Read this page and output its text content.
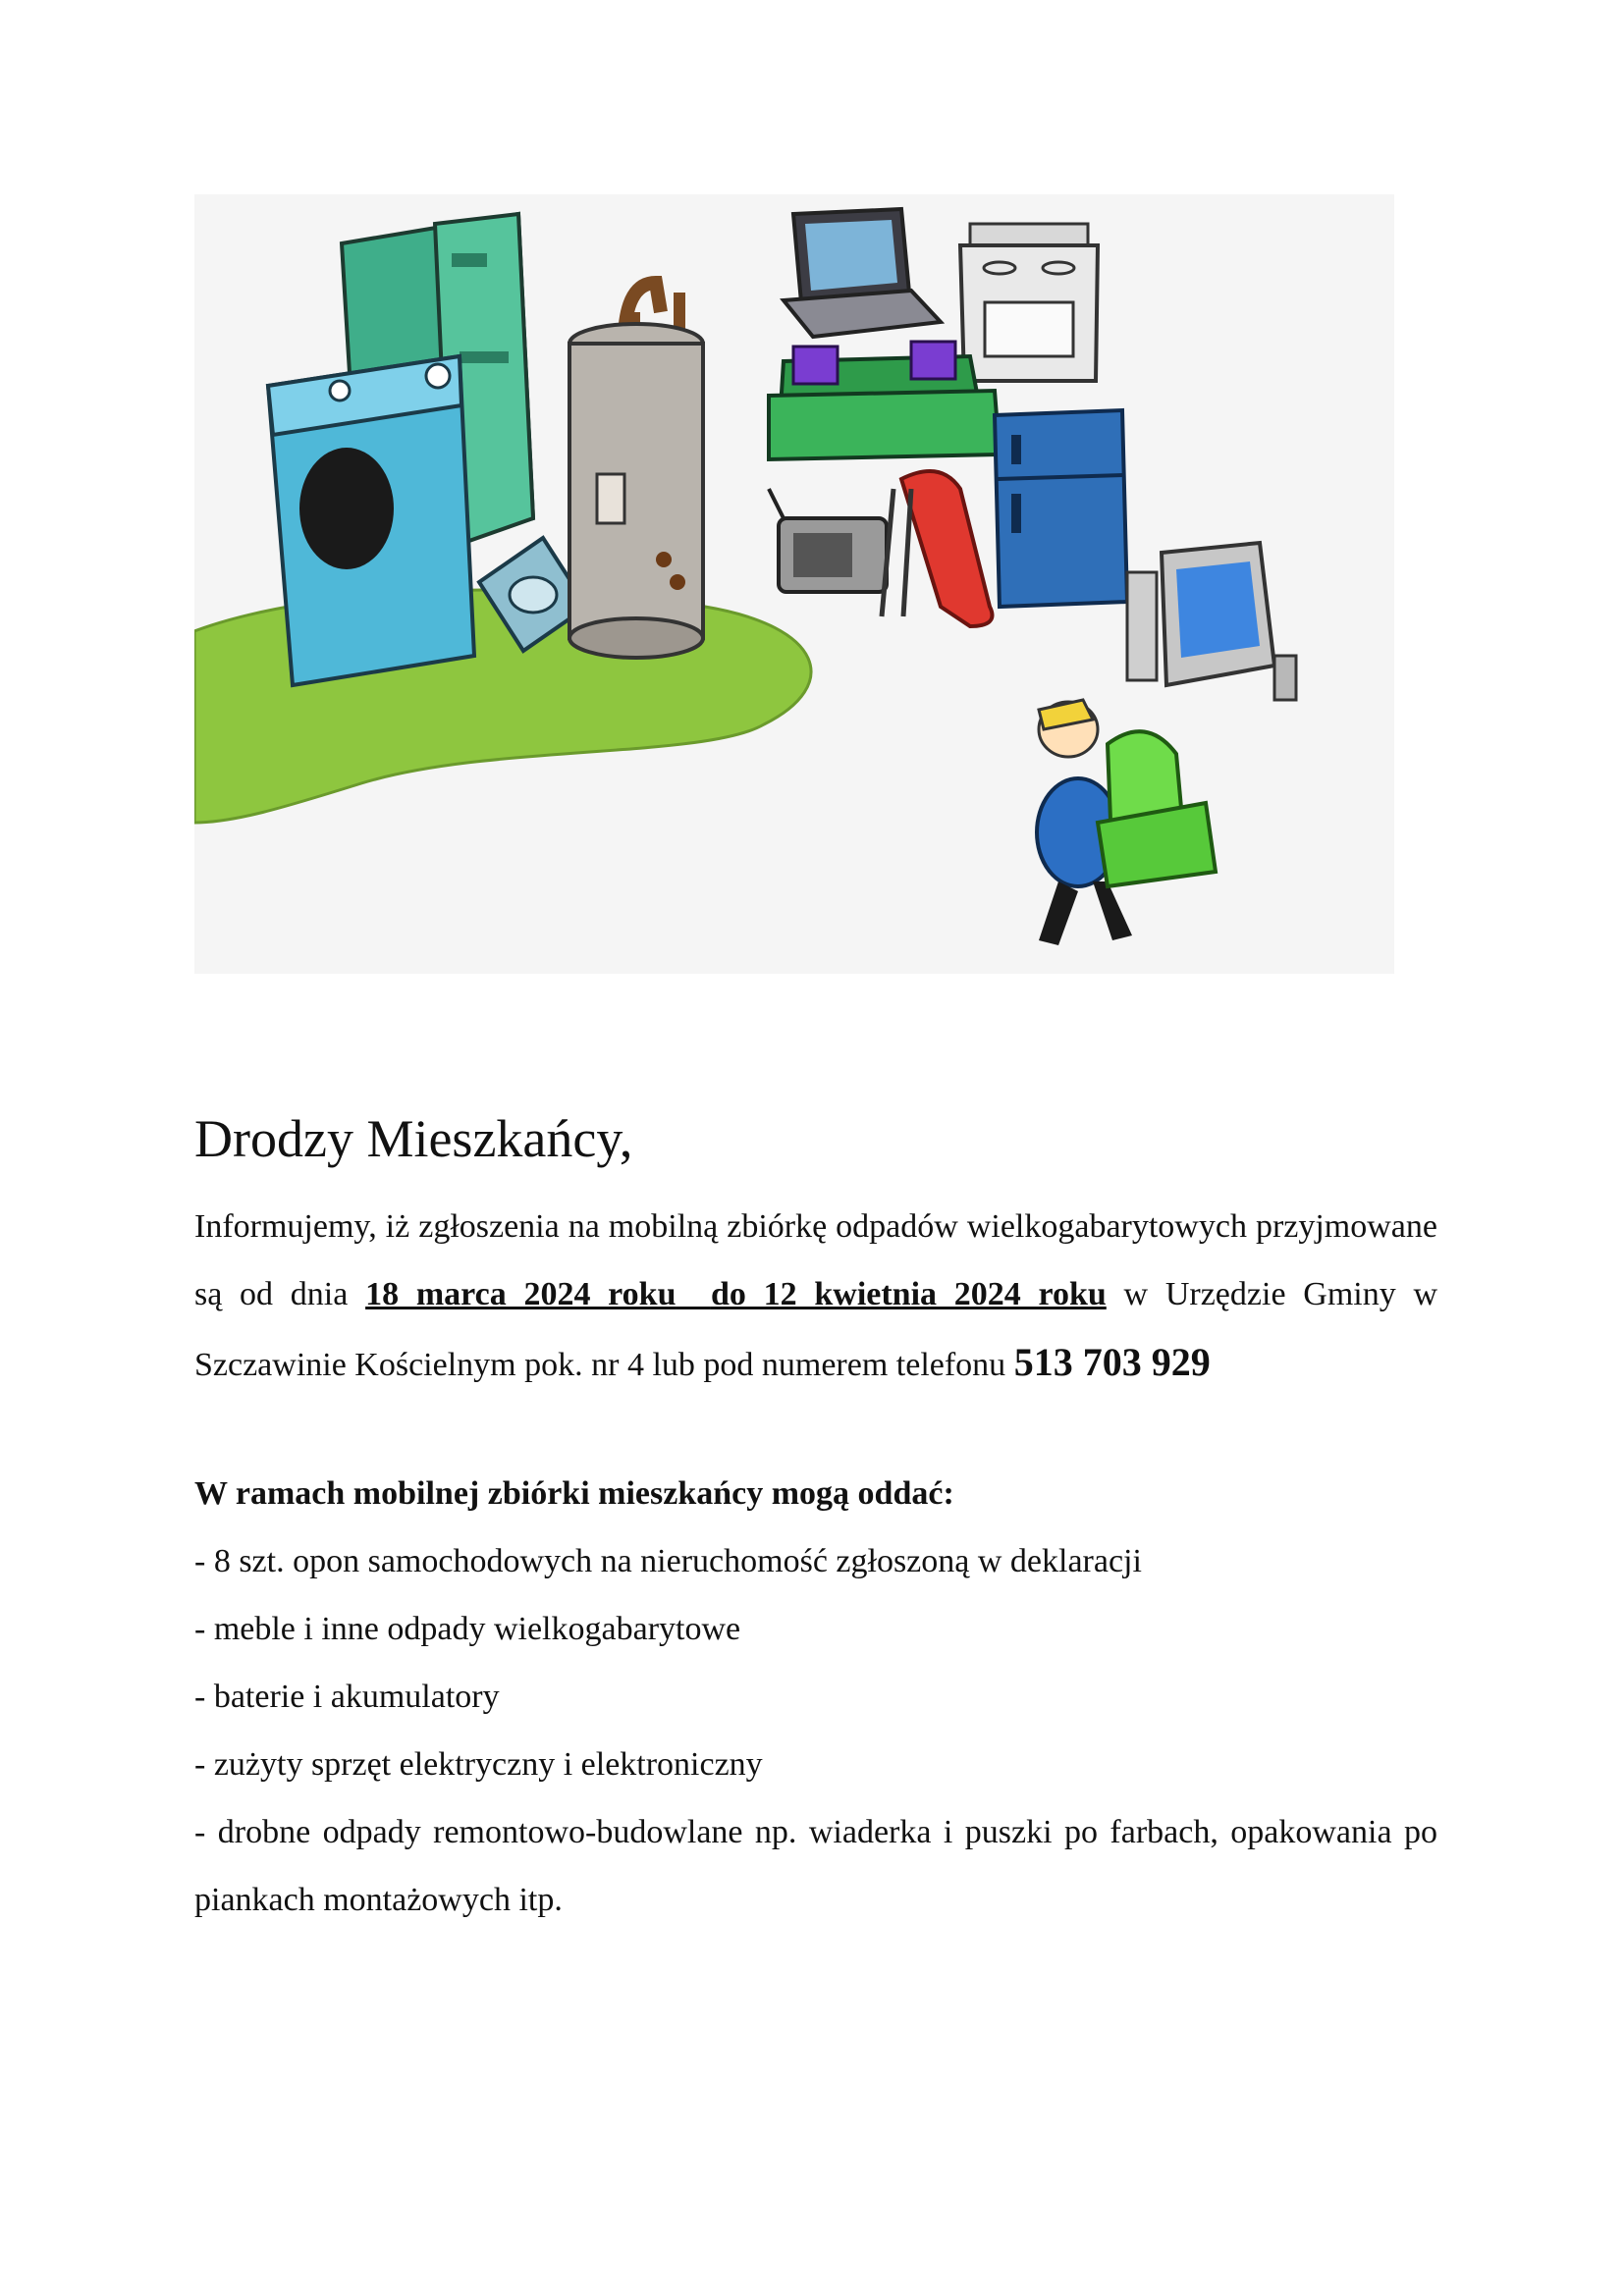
Drodzy Mieszkańcy,

Informujemy, iż zgłoszenia na mobilną zbiórkę odpadów wielkogabarytowych przyjmowane są od dnia 18 marca 2024 roku do 12 kwietnia 2024 roku w Urzędzie Gminy w Szczawinie Kościelnym pok. nr 4 lub pod numerem telefonu 513 703 929

W ramach mobilnej zbiórki mieszkańcy mogą oddać:

- 8 szt. opon samochodowych na nieruchomość zgłoszoną w deklaracji
- meble i inne odpady wielkogabarytowe
- baterie i akumulatory
- zużyty sprzęt elektryczny i elektroniczny
- drobne odpady remontowo-budowlane np. wiaderka i puszki po farbach, opakowania po piankach montażowych itp.
